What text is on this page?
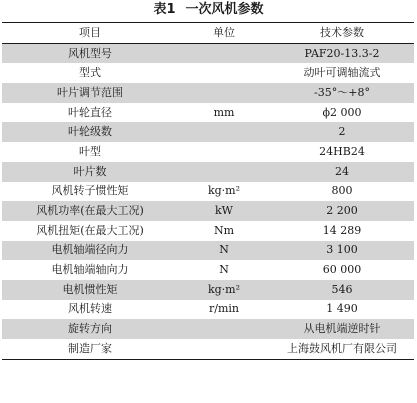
表1 一次风机参数
项目	单位	技术参数
风机型号		PAF20-13.3-2
型式		动叶可调轴流式
叶片调节范围		-35°～+8°
叶轮直径	mm	ϕ2 000
叶轮级数		2
叶型		24HB24
叶片数		24
风机转子惯性矩	kg·m²	800
风机功率(在最大工况)	kW	2 200
风机扭矩(在最大工况)	Nm	14 289
电机轴端径向力	N	3 100
电机轴端轴向力	N	60 000
电机惯性矩	kg·m²	546
风机转速	r/min	1 490
旋转方向		从电机端逆时针
制造厂家		上海鼓风机厂有限公司
